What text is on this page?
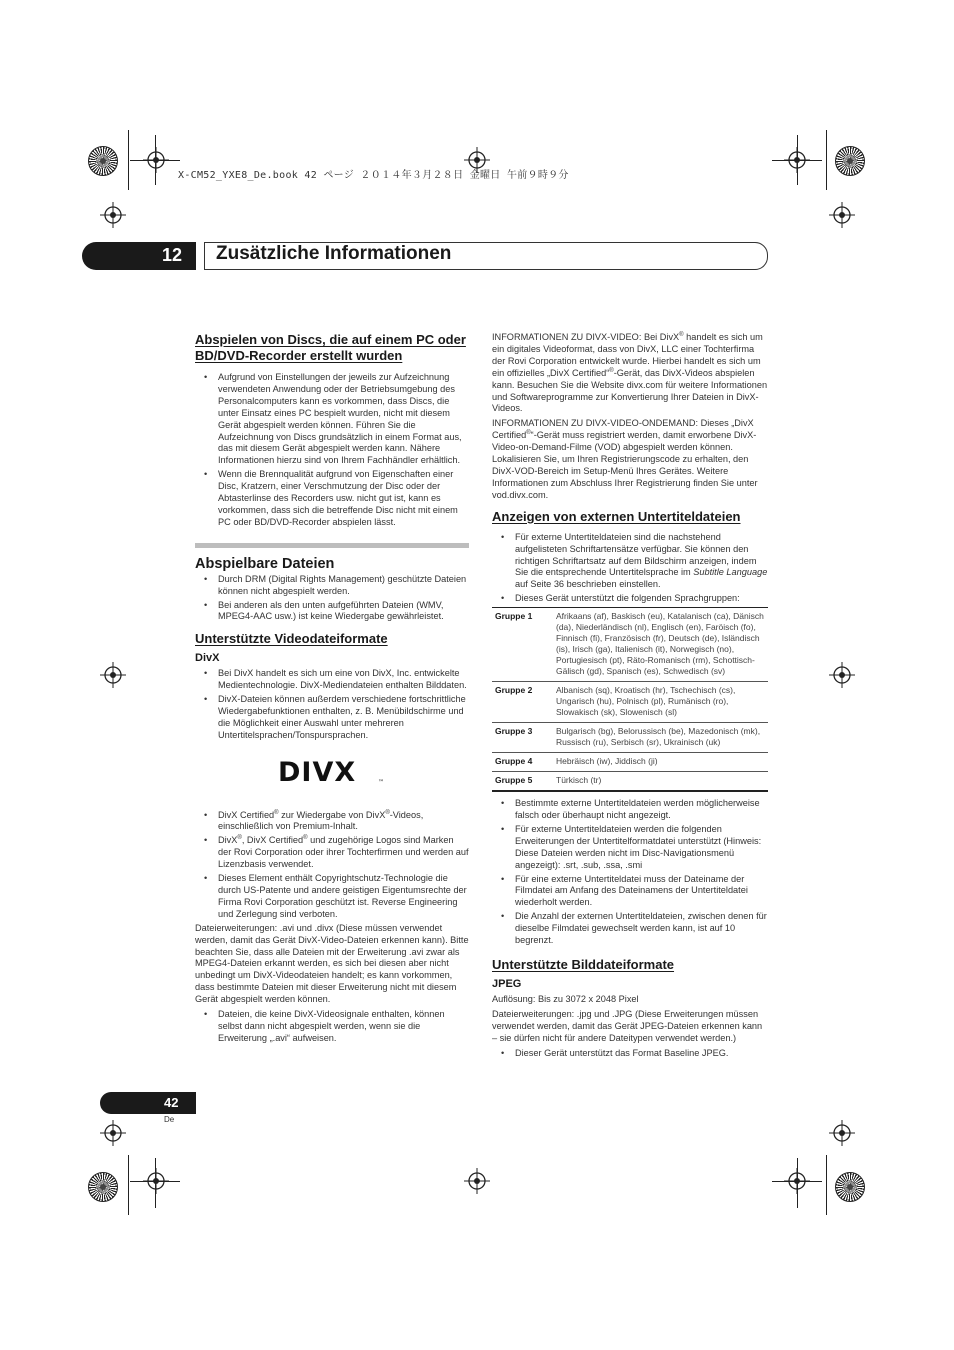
X-CM52_YXE8_De.book 42 ページ ２０１４年３月２８日 金曜日 午前９時９分
12 Zusätzliche Informationen
Abspielen von Discs, die auf einem PC oder BD/DVD-Recorder erstellt wurden
• Aufgrund von Einstellungen der jeweils zur Aufzeichnung verwendeten Anwendung oder der Betriebsumgebung des Personalcomputers kann es vorkommen, dass Discs, die unter Einsatz eines PC bespielt wurden, nicht mit diesem Gerät abgespielt werden können. Führen Sie die Aufzeichnung von Discs grundsätzlich in einem Format aus, das mit diesem Gerät abgespielt werden kann. Nähere Informationen hierzu sind von Ihrem Fachhändler erhältlich.
• Wenn die Brennqualität aufgrund von Eigenschaften einer Disc, Kratzern, einer Verschmutzung der Disc oder der Abtasterlinse des Recorders usw. nicht gut ist, kann es vorkommen, dass sich die betreffende Disc nicht mit einem PC oder BD/DVD-Recorder abspielen lässt.
Abspielbare Dateien
• Durch DRM (Digital Rights Management) geschützte Dateien können nicht abgespielt werden.
• Bei anderen als den unten aufgeführten Dateien (WMV, MPEG4-AAC usw.) ist keine Wiedergabe gewährleistet.
Unterstützte Videodateiformate
DivX
• Bei DivX handelt es sich um eine von DivX, Inc. entwickelte Medientechnologie. DivX-Mediendateien enthalten Bilddaten.
• DivX-Dateien können außerdem verschiedene fortschrittliche Wiedergabefunktionen enthalten, z. B. Menübildschirme und die Möglichkeit einer Auswahl unter mehreren Untertitelsprachen/Tonspursprachen.
DIVX	™
• DivX Certified® zur Wiedergabe von DivX®-Videos, einschließlich von Premium-Inhalt.
• DivX®, DivX Certified® und zugehörige Logos sind Marken der Rovi Corporation oder ihrer Tochterfirmen und werden auf Lizenzbasis verwendet.
• Dieses Element enthält Copyrightschutz-Technologie die durch US-Patente und andere geistigen Eigentumsrechte der Firma Rovi Corporation geschützt ist. Reverse Engineering und Zerlegung sind verboten.

Dateierweiterungen: .avi und .divx (Diese müssen verwendet werden, damit das Gerät DivX-Video-Dateien erkennen kann). Bitte beachten Sie, dass alle Dateien mit der Erweiterung .avi zwar als MPEG4-Dateien erkannt werden, es sich bei diesen aber nicht unbedingt um DivX-Videodateien handelt; es kann vorkommen, dass bestimmte Dateien mit dieser Erweiterung nicht mit diesem Gerät abgespielt werden können.

• Dateien, die keine DivX-Videosignale enthalten, können selbst dann nicht abgespielt werden, wenn sie die Erweiterung „.avi“ aufweisen.

INFORMATIONEN ZU DIVX-VIDEO: Bei DivX® handelt es sich um ein digitales Videoformat, dass von DivX, LLC einer Tochterfirma der Rovi Corporation entwickelt wurde. Hierbei handelt es sich um ein offizielles „DivX Certified“®-Gerät, das DivX-Videos abspielen kann. Besuchen Sie die Website divx.com für weitere Informationen und Softwareprogramme zur Konvertierung Ihrer Dateien in DivX-Videos.

INFORMATIONEN ZU DIVX-VIDEO-ONDEMAND: Dieses „DivX Certified®“-Gerät muss registriert werden, damit erworbene DivX-Video-on-Demand-Filme (VOD) abgespielt werden können. Lokalisieren Sie, um Ihren Registrierungscode zu erhalten, den DivX-VOD-Bereich im Setup-Menü Ihres Gerätes. Weitere Informationen zum Abschluss Ihrer Registrierung finden Sie unter vod.divx.com.

Anzeigen von externen Untertiteldateien
• Für externe Untertiteldateien sind die nachstehend aufgelisteten Schriftartensätze verfügbar. Sie können den richtigen Schriftartsatz auf dem Bildschirm anzeigen, indem Sie die entsprechende Untertitelsprache im Subtitle Language auf Seite 36 beschrieben einstellen.
• Dieses Gerät unterstützt die folgenden Sprachgruppen:
Gruppe 1	Afrikaans (af), Baskisch (eu), Katalanisch (ca), Dänisch (da), Niederländisch (nl), Englisch (en), Faröisch (fo), Finnisch (fi), Französisch (fr), Deutsch (de), Isländisch (is), Irisch (ga), Italienisch (it), Norwegisch (no), Portugiesisch (pt), Räto-Romanisch (rm), Schottisch-Gälisch (gd), Spanisch (es), Schwedisch (sv)
Gruppe 2	Albanisch (sq), Kroatisch (hr), Tschechisch (cs), Ungarisch (hu), Polnisch (pl), Rumänisch (ro), Slowakisch (sk), Slowenisch (sl)
Gruppe 3	Bulgarisch (bg), Belorussisch (be), Mazedonisch (mk), Russisch (ru), Serbisch (sr), Ukrainisch (uk)
Gruppe 4	Hebräisch (iw), Jiddisch (ji)
Gruppe 5	Türkisch (tr)
• Bestimmte externe Untertiteldateien werden möglicherweise falsch oder überhaupt nicht angezeigt.
• Für externe Untertiteldateien werden die folgenden Erweiterungen der Untertitelformatdatei unterstützt (Hinweis: Diese Dateien werden nicht im Disc-Navigationsmenü angezeigt): .srt, .sub, .ssa, .smi
• Für eine externe Untertiteldatei muss der Dateiname der Filmdatei am Anfang des Dateinamens der Untertiteldatei wiederholt werden.
• Die Anzahl der externen Untertiteldateien, zwischen denen für dieselbe Filmdatei gewechselt werden kann, ist auf 10 begrenzt.
Unterstützte Bilddateiformate
JPEG

Auflösung: Bis zu 3072 x 2048 Pixel

Dateierweiterungen: .jpg und .JPG (Diese Erweiterungen müssen verwendet werden, damit das Gerät JPEG-Dateien erkennen kann – sie dürfen nicht für andere Dateitypen verwendet werden.)

• Dieser Gerät unterstützt das Format Baseline JPEG.
42
De
